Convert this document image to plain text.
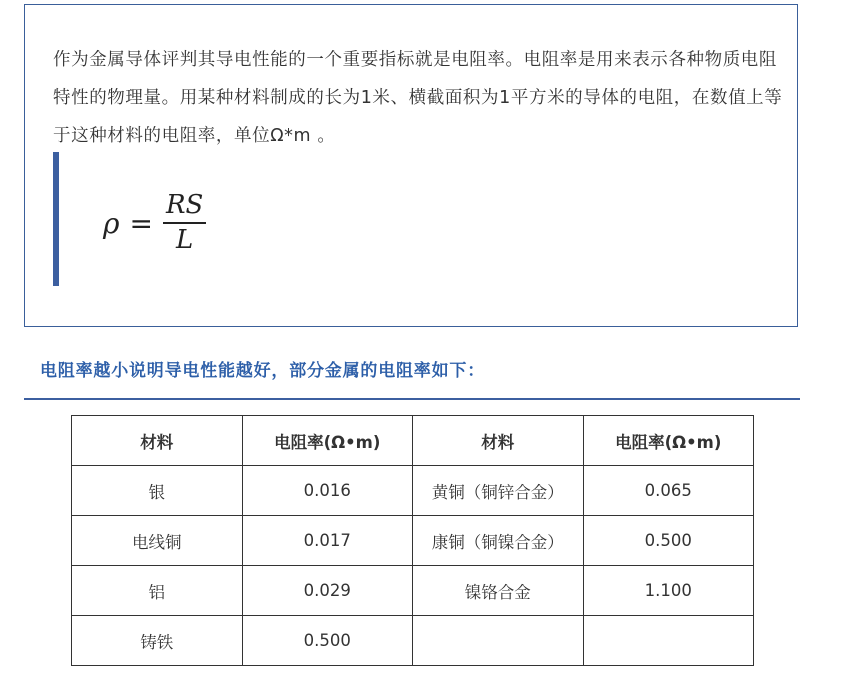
作为金属导体评判其导电性能的一个重要指标就是电阻率。电阻率是用来表示各种物质电阻特性的物理量。用某种材料制成的长为1米、横截面积为1平方米的导体的电阻，在数值上等于这种材料的电阻率，单位Ω*m 。

$\rho = \frac{RS}{L}$
电阻率越小说明导电性能越好，部分金属的电阻率如下：
材料	电阻率(Ω•m)	材料	电阻率(Ω•m)
银	0.016	黄铜（铜锌合金）	0.065
电线铜	0.017	康铜（铜镍合金）	0.500
铝	0.029	镍铬合金	1.100
铸铁	0.500		
